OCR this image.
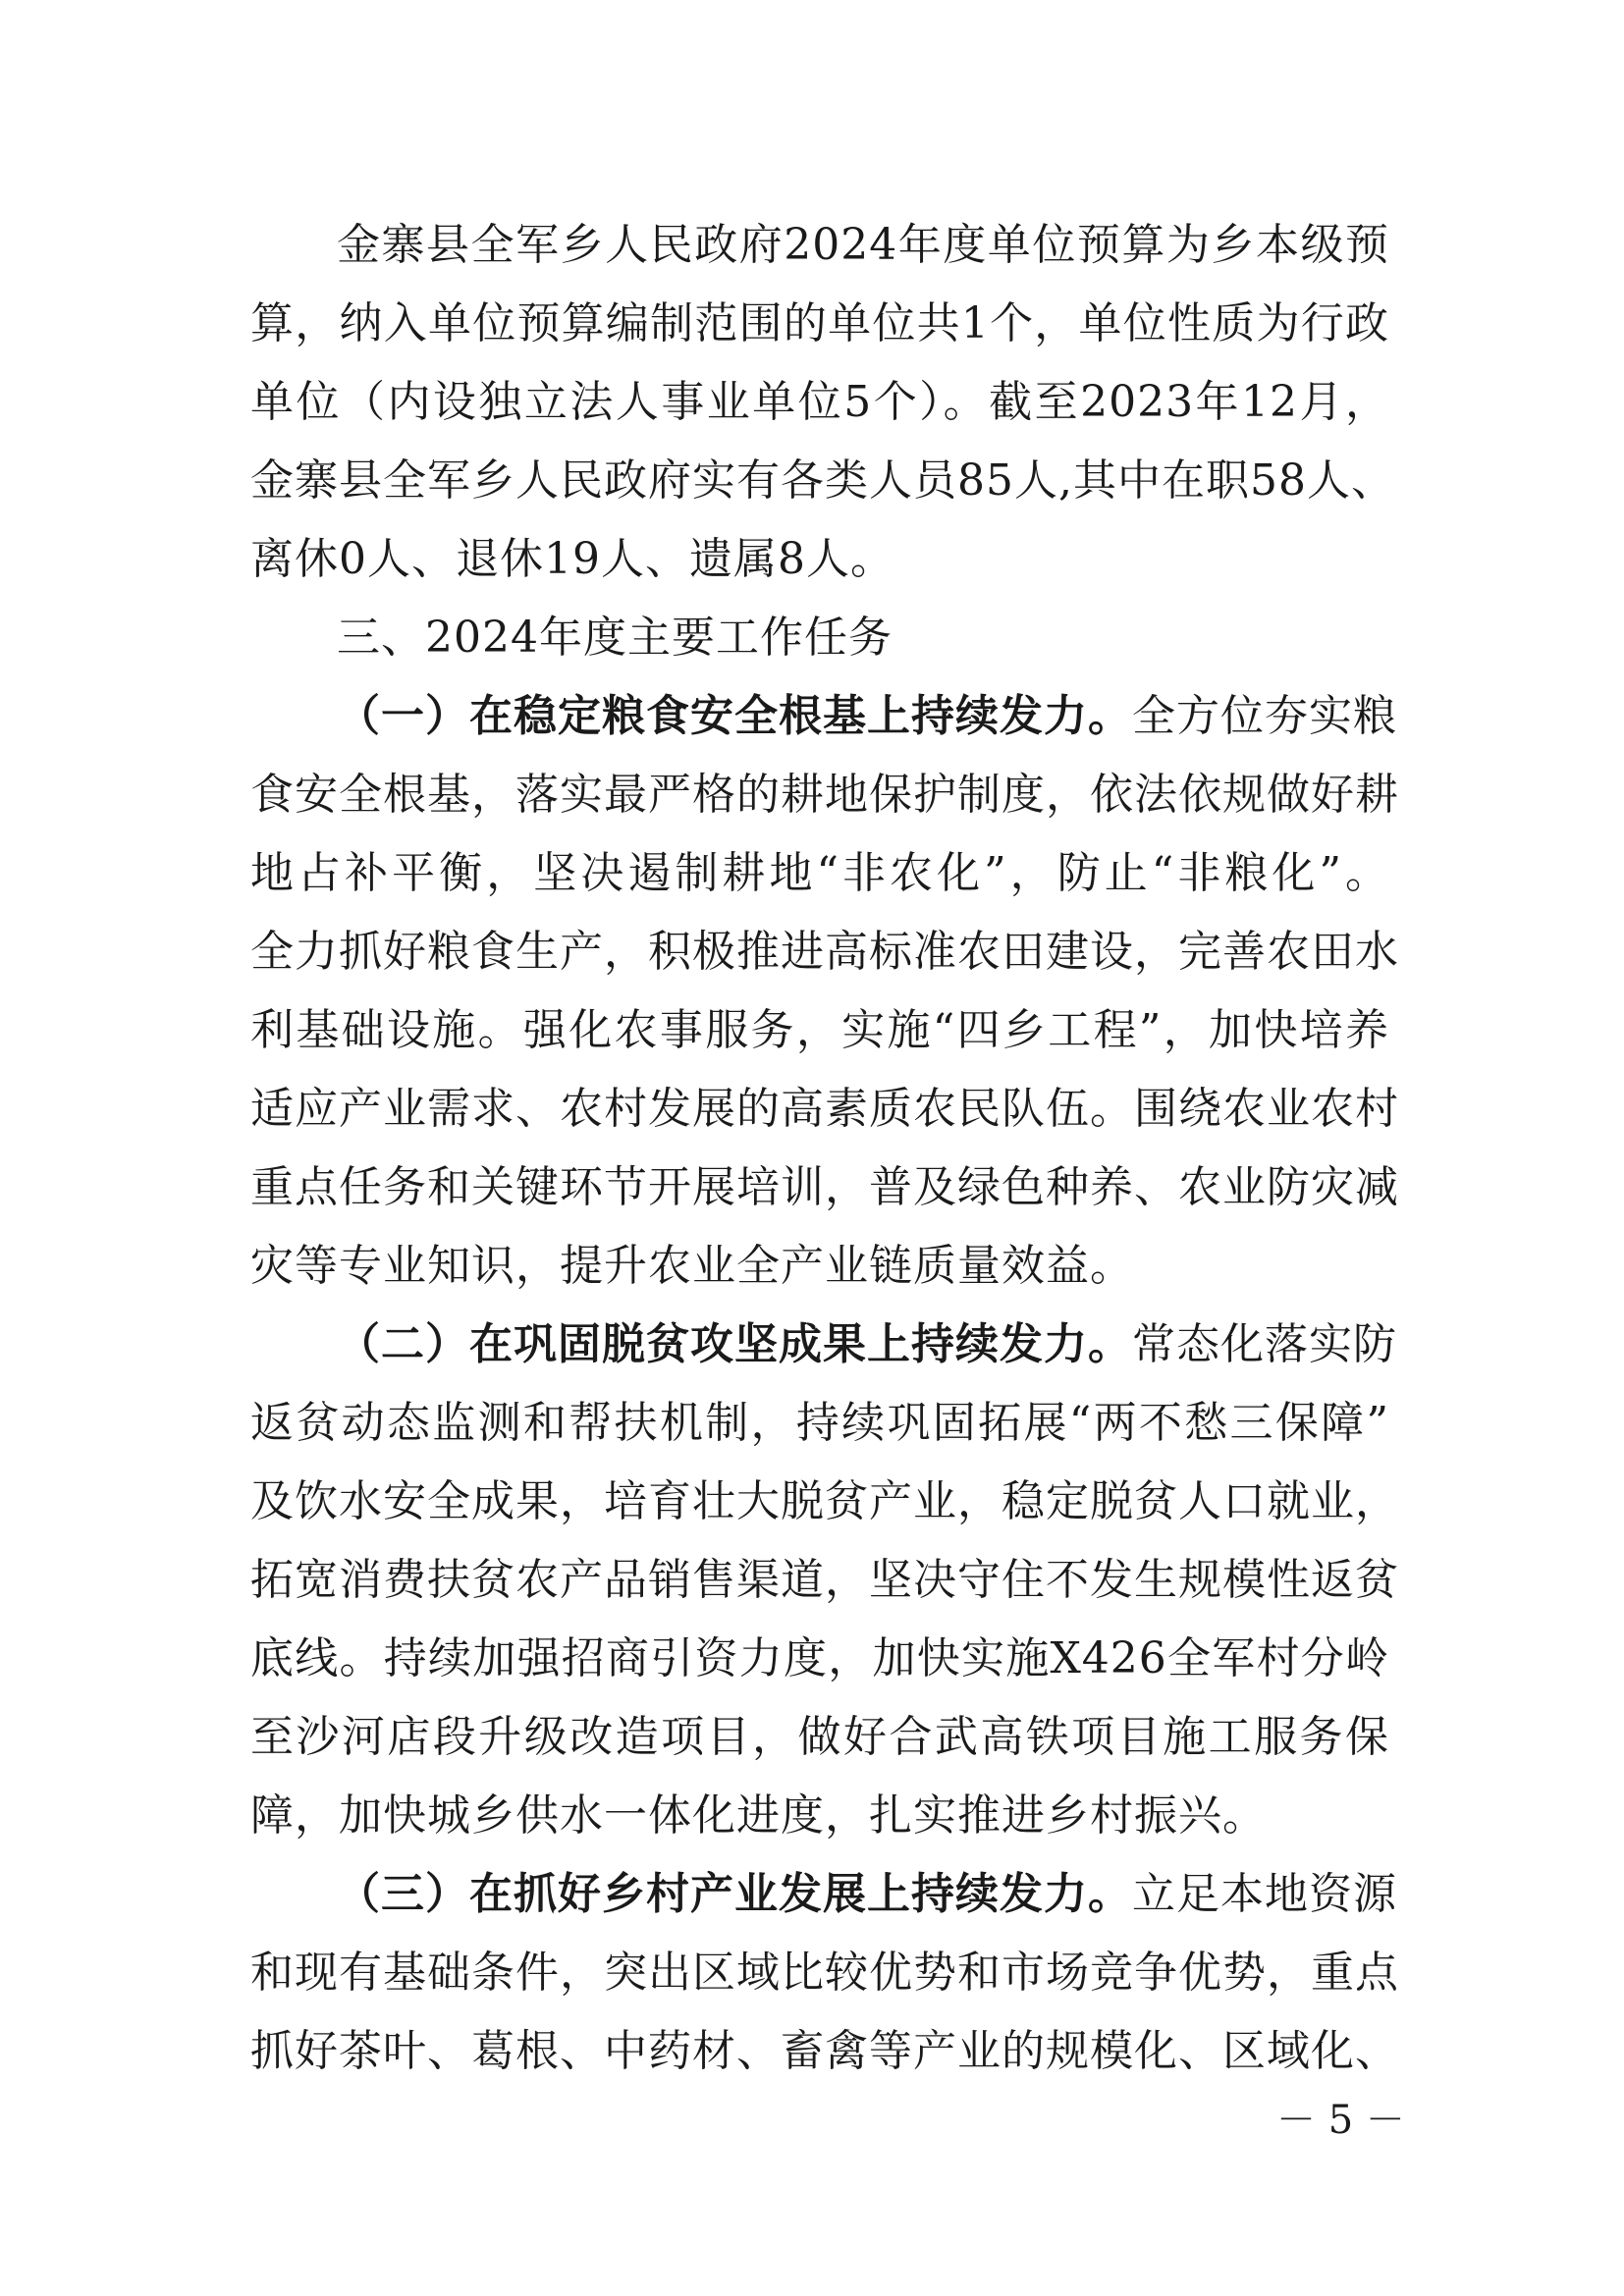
金寨县全军乡人民政府2024年度单位预算为乡本级预
算，纳入单位预算编制范围的单位共1个，单位性质为行政
单位（内设独立法人事业单位5个）。截至2023年12月，
金寨县全军乡人民政府实有各类人员85人,其中在职58人、
离休0人、退休19人、遗属8人。
三、2024年度主要工作任务
（一）在稳定粮食安全根基上持续发力。全方位夯实粮
食安全根基，落实最严格的耕地保护制度，依法依规做好耕
地占补平衡，坚决遏制耕地“非农化”，防止“非粮化”。
全力抓好粮食生产，积极推进高标准农田建设，完善农田水
利基础设施。强化农事服务，实施“四乡工程”，加快培养
适应产业需求、农村发展的高素质农民队伍。围绕农业农村
重点任务和关键环节开展培训，普及绿色种养、农业防灾减
灾等专业知识，提升农业全产业链质量效益。
（二）在巩固脱贫攻坚成果上持续发力。常态化落实防
返贫动态监测和帮扶机制，持续巩固拓展“两不愁三保障”
及饮水安全成果，培育壮大脱贫产业，稳定脱贫人口就业，
拓宽消费扶贫农产品销售渠道，坚决守住不发生规模性返贫
底线。持续加强招商引资力度，加快实施X426全军村分岭
至沙河店段升级改造项目，做好合武高铁项目施工服务保
障，加快城乡供水一体化进度，扎实推进乡村振兴。
（三）在抓好乡村产业发展上持续发力。立足本地资源
和现有基础条件，突出区域比较优势和市场竞争优势，重点
抓好茶叶、葛根、中药材、畜禽等产业的规模化、区域化、
－ 5 －
